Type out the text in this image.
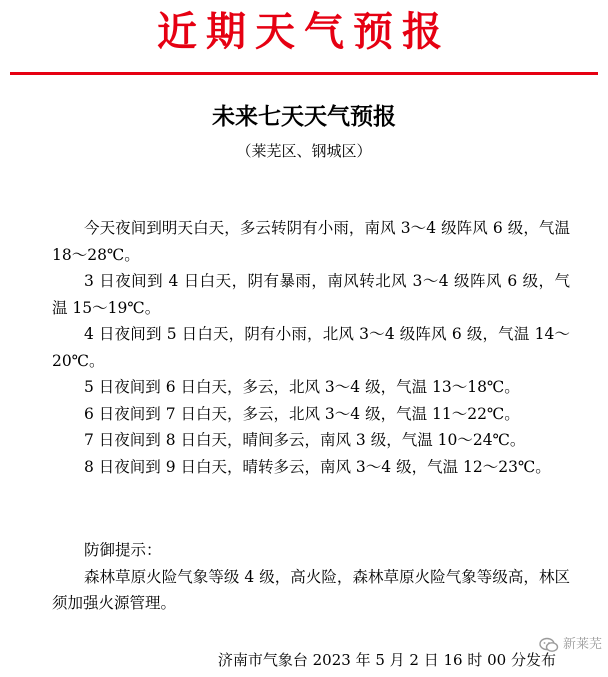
近期天气预报
未来七天天气预报
（莱芜区、钢城区）

今天夜间到明天白天，多云转阴有小雨，南风 3～4 级阵风 6 级，气温 18～28℃。

3 日夜间到 4 日白天，阴有暴雨，南风转北风 3～4 级阵风 6 级，气温 15～19℃。

4 日夜间到 5 日白天，阴有小雨，北风 3～4 级阵风 6 级，气温 14～20℃。

5 日夜间到 6 日白天，多云，北风 3～4 级，气温 13～18℃。

6 日夜间到 7 日白天，多云，北风 3～4 级，气温 11～22℃。

7 日夜间到 8 日白天，晴间多云，南风 3 级，气温 10～24℃。

8 日夜间到 9 日白天，晴转多云，南风 3～4 级，气温 12～23℃。

防御提示：

森林草原火险气象等级 4 级，高火险，森林草原火险气象等级高，林区须加强火源管理。

济南市气象台 2023 年 5 月 2 日 16 时 00 分发布
新莱芜
